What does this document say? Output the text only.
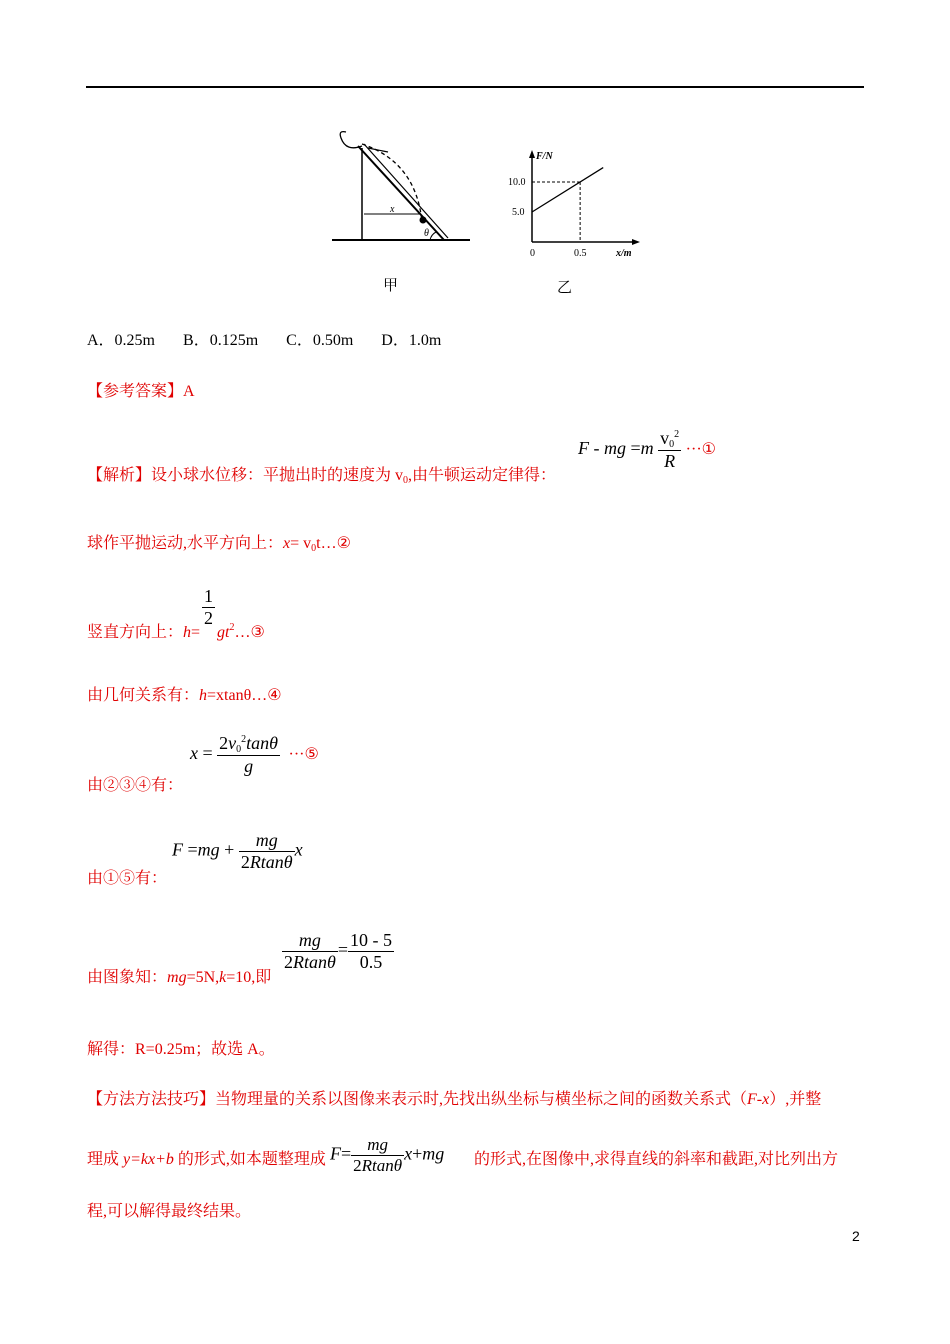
x
θ
F/N
x/m
0
10.0
5.0
0.5
甲	乙
A．0.25m B．0.125m C．0.50m D．1.0m
【参考答案】A
【解析】设小球水位移：平抛出时的速度为 $v_0$,由牛顿运动定律得：
F - mg $=m \frac{v_0^2}{R}$ ···①
球作平抛运动,水平方向上：$x= v_0t\dots ②$
竖直方向上：h=
$\frac{1}{2}$
$gt^2\dots ③$
由几何关系有：h=xtanθ…④
由②③④有：
$x = \frac{2v_0^2\tan\theta}{g}$ ···⑤
由①⑤有：
$F =mg + \frac{mg}{2Rtan\theta}$ x
由图象知：mg=5N,k=10,即
$\frac{mg}{2Rtan\theta} = \frac{10 - 5}{0.5}$
解得：R=0.25m；故选 A。
【方法方法技巧】当物理量的关系以图像来表示时,先找出纵坐标与横坐标之间的函数关系式（F-x）,并整
理成 y=kx+b 的形式,如本题整理成 $F= \frac{mg}{2Rtan\theta} x+mg$ 的形式,在图像中,求得直线的斜率和截距,对比列出方
程,可以解得最终结果。
2
